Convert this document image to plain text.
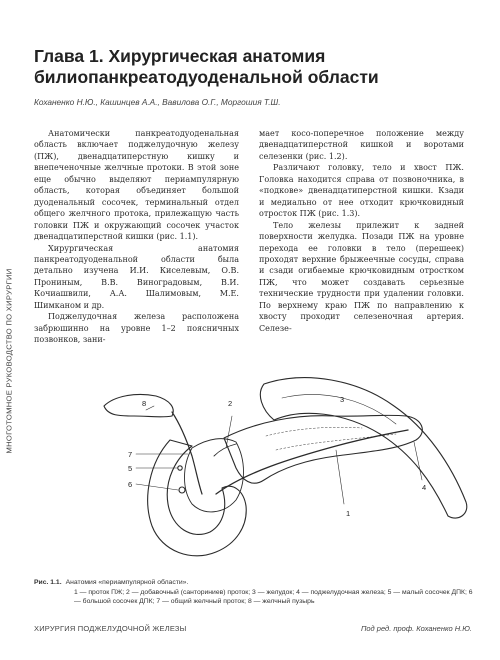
МНОГОТОМНОЕ РУКОВОДСТВО ПО ХИРУРГИИ
Глава 1. Хирургическая анатомия
билиопанкреатодуоденальной области
Коханенко Н.Ю., Кашинцев А.А., Вавилова О.Г., Моргошия Т.Ш.

Анатомически панкреатодуоденальная область включает поджелудочную железу (ПЖ), двенадцатиперстную кишку и внепеченочные желчные протоки. В этой зоне еще обычно выделяют периампулярную область, которая объединяет большой дуоденальный сосочек, терминальный отдел общего желчного протока, прилежащую часть головки ПЖ и окружающий сосочек участок двенадцатиперстной кишки (рис. 1.1).

Хирургическая анатомия панкреатодуоденальной области была детально изучена И.И. Киселевым, О.В. Прониным, В.В. Виноградовым, В.И. Кочиашвили, А.А. Шалимовым, М.Е. Шимканом и др.

Поджелудочная железа расположена забрюшинно на уровне 1–2 поясничных позвонков, зани-

мает косо-поперечное положение между двенадцатиперстной кишкой и воротами селезенки (рис. 1.2).

Различают головку, тело и хвост ПЖ. Головка находится справа от позвоночника, в «подкове» двенадцатиперстной кишки. Кзади и медиально от нее отходит крючковидный отросток ПЖ (рис. 1.3).

Тело железы прилежит к задней поверхности желудка. Позади ПЖ на уровне перехода ее головки в тело (перешеек) проходят верхние брыжеечные сосуды, справа и сзади огибаемые крючковидным отростком ПЖ, что может создавать серьезные технические трудности при удалении головки. По верхнему краю ПЖ по направлению к хвосту проходит селезеночная артерия. Селезе-

1
2	3
4
5
6
7
8
Рис. 1.1. Анатомия «периампулярной области».
1 — проток ПЖ; 2 — добавочный (санториниев) проток; 3 — желудок; 4 — поджелудочная железа; 5 — малый сосочек ДПК; 6 — большой сосочек ДПК; 7 — общий желчный проток; 8 — желчный пузырь
ХИРУРГИЯ ПОДЖЕЛУДОЧНОЙ ЖЕЛЕЗЫ	Под ред. проф. Коханенко Н.Ю.
